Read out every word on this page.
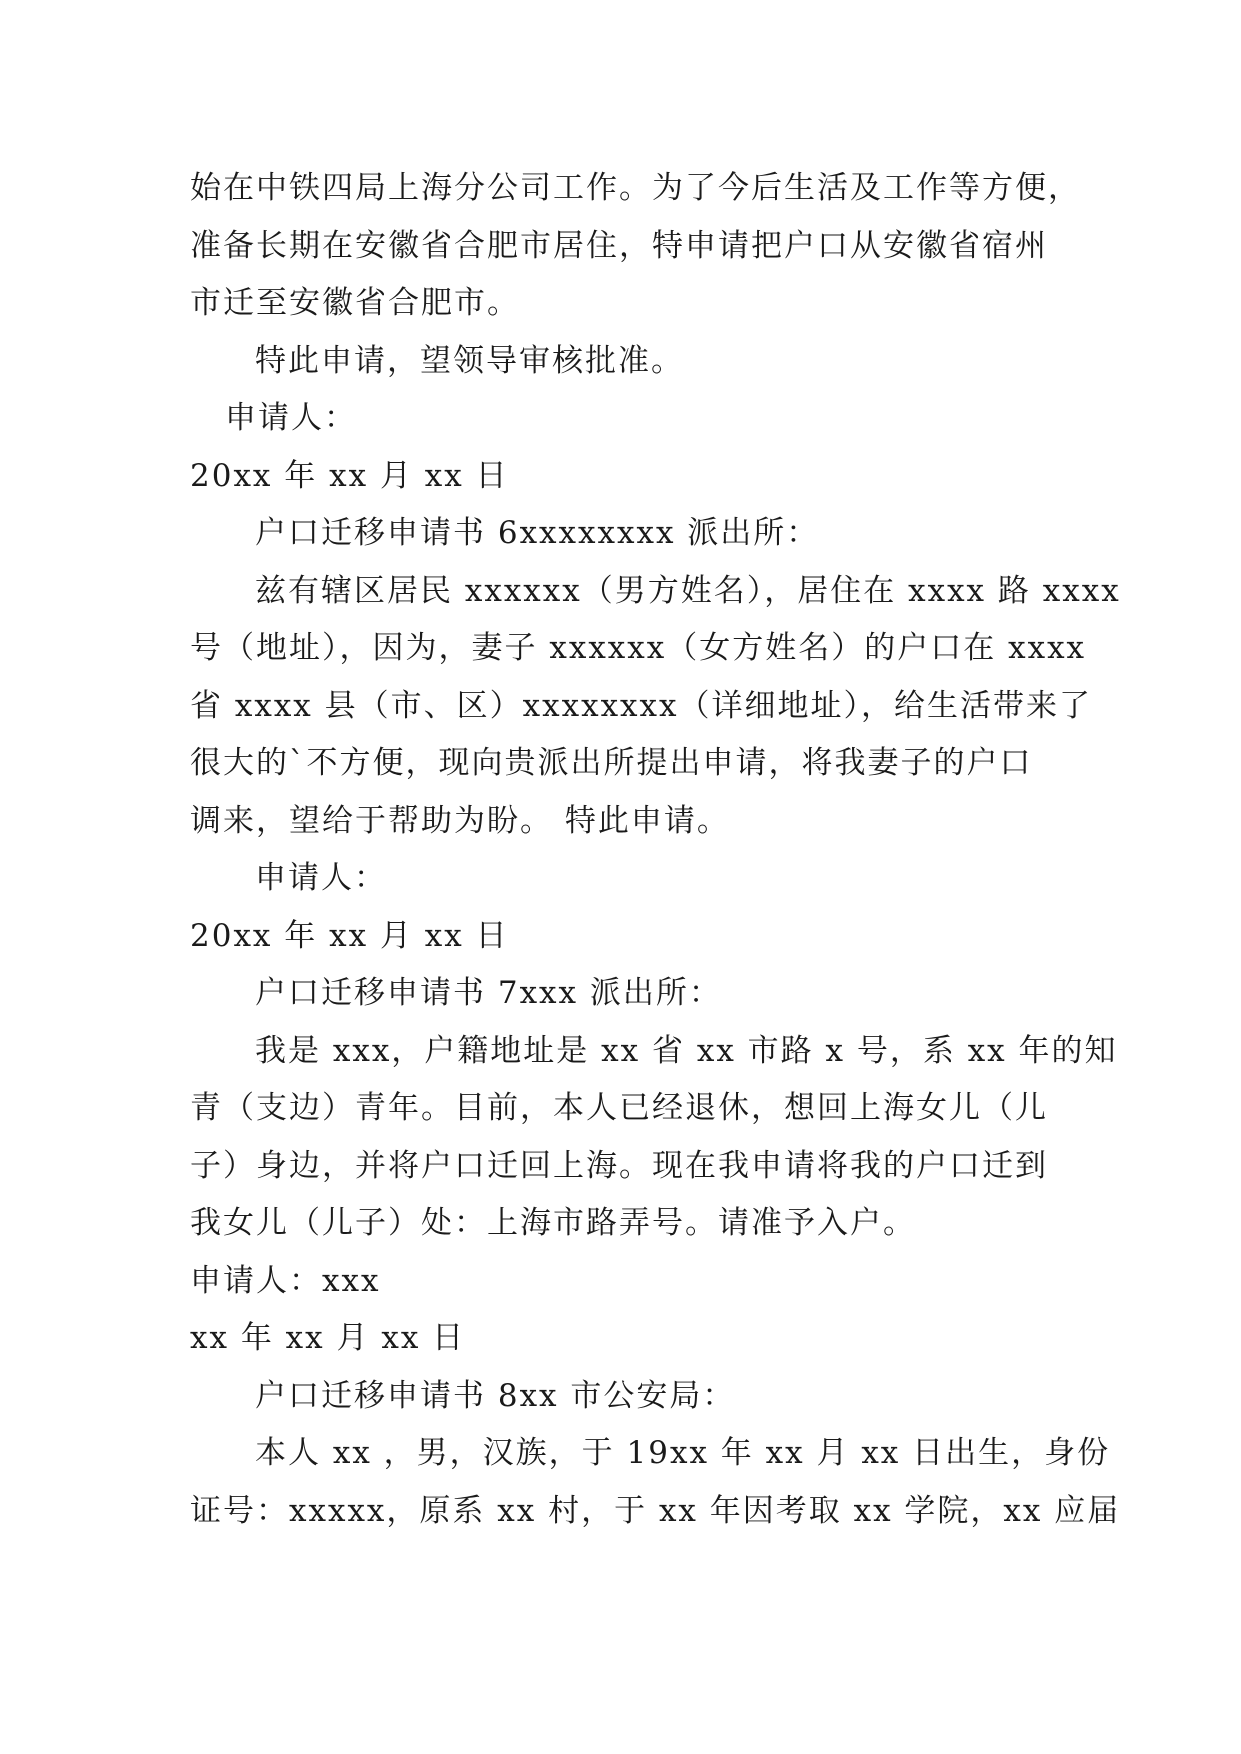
始在中铁四局上海分公司工作。为了今后生活及工作等方便，
准备长期在安徽省合肥市居住，特申请把户口从安徽省宿州
市迁至安徽省合肥市。
特此申请，望领导审核批准。
申请人：
20xx 年 xx 月 xx 日
户口迁移申请书 6xxxxxxxx 派出所：
兹有辖区居民 xxxxxx（男方姓名），居住在 xxxx 路 xxxx
号（地址），因为，妻子 xxxxxx（女方姓名）的户口在 xxxx
省 xxxx 县（市、区）xxxxxxxx（详细地址），给生活带来了
很大的`不方便，现向贵派出所提出申请，将我妻子的户口
调来，望给于帮助为盼。 特此申请。
申请人：
20xx 年 xx 月 xx 日
户口迁移申请书 7xxx 派出所：
我是 xxx，户籍地址是 xx 省 xx 市路 x 号，系 xx 年的知
青（支边）青年。目前，本人已经退休，想回上海女儿（儿
子）身边，并将户口迁回上海。现在我申请将我的户口迁到
我女儿（儿子）处：上海市路弄号。请准予入户。
申请人：xxx
xx 年 xx 月 xx 日
户口迁移申请书 8xx 市公安局：
本人 xx ，男，汉族，于 19xx 年 xx 月 xx 日出生，身份
证号：xxxxx，原系 xx 村，于 xx 年因考取 xx 学院，xx 应届
